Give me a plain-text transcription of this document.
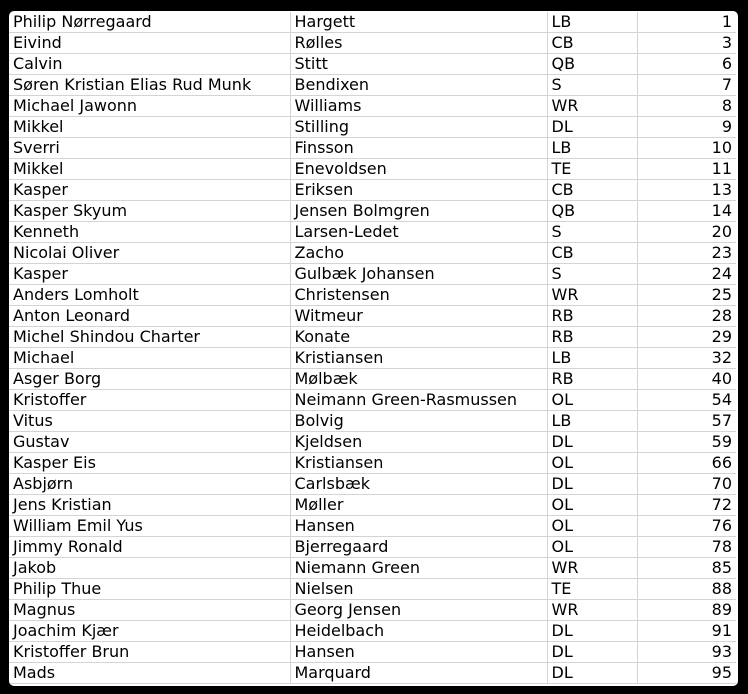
Philip Nørregaard	Hargett	LB	1
Eivind	Rølles	CB	3
Calvin	Stitt	QB	6
Søren Kristian Elias Rud Munk	Bendixen	S	7
Michael Jawonn	Williams	WR	8
Mikkel	Stilling	DL	9
Sverri	Finsson	LB	10
Mikkel	Enevoldsen	TE	11
Kasper	Eriksen	CB	13
Kasper Skyum	Jensen Bolmgren	QB	14
Kenneth	Larsen-Ledet	S	20
Nicolai Oliver	Zacho	CB	23
Kasper	Gulbæk Johansen	S	24
Anders Lomholt	Christensen	WR	25
Anton Leonard	Witmeur	RB	28
Michel Shindou Charter	Konate	RB	29
Michael	Kristiansen	LB	32
Asger Borg	Mølbæk	RB	40
Kristoffer	Neimann Green-Rasmussen	OL	54
Vitus	Bolvig	LB	57
Gustav	Kjeldsen	DL	59
Kasper Eis	Kristiansen	OL	66
Asbjørn	Carlsbæk	DL	70
Jens Kristian	Møller	OL	72
William Emil Yus	Hansen	OL	76
Jimmy Ronald	Bjerregaard	OL	78
Jakob	Niemann Green	WR	85
Philip Thue	Nielsen	TE	88
Magnus	Georg Jensen	WR	89
Joachim Kjær	Heidelbach	DL	91
Kristoffer Brun	Hansen	DL	93
Mads	Marquard	DL	95
